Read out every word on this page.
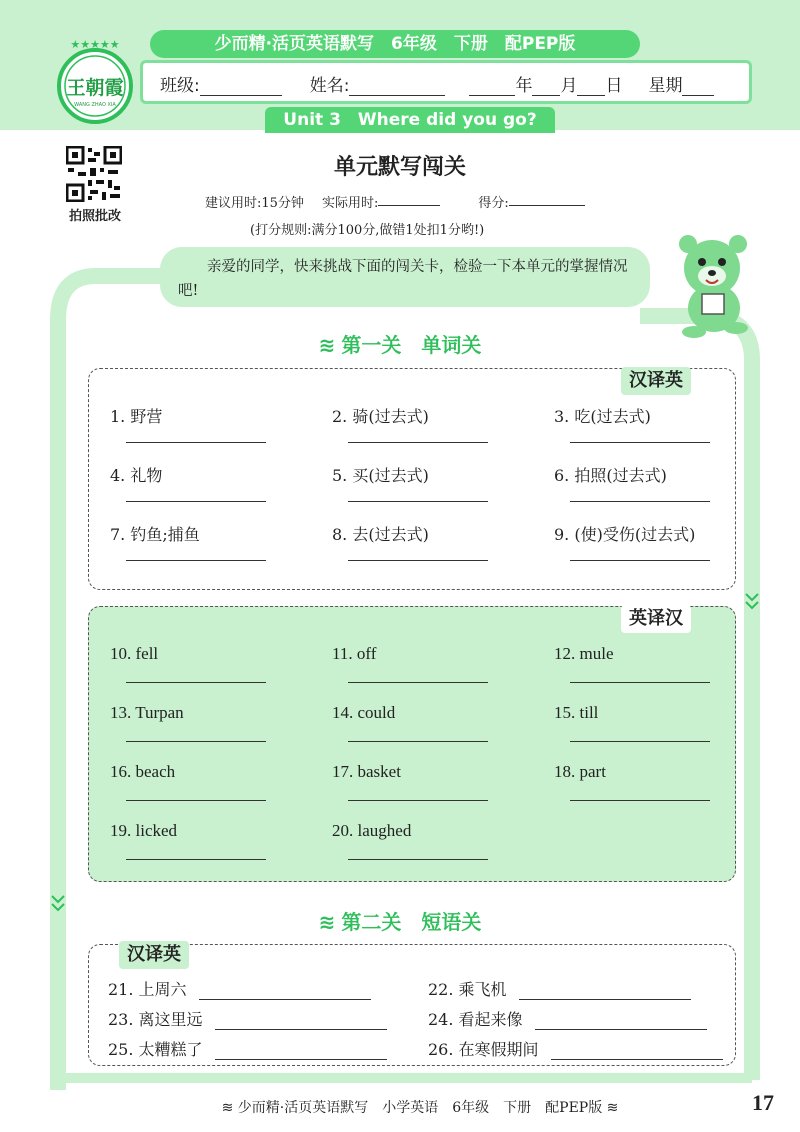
少而精·活页英语默写　6年级　下册　配PEP版
★★★★★
王朝霞
WANG ZHAO XIA
班级:	姓名:	年 月 日 星期
Unit 3　Where did you go?
拍照批改
单元默写闯关
建议用时:15分钟 实际用时:	得分:
(打分规则:满分100分,做错1处扣1分哟!)
亲爱的同学，快来挑战下面的闯关卡，检验一下本单元的掌握情况吧!
≋ 第一关　单词关
汉译英
1. 野营	2. 骑(过去式)	3. 吃(过去式)
4. 礼物	5. 买(过去式)	6. 拍照(过去式)
7. 钓鱼;捕鱼	8. 去(过去式)	9. (使)受伤(过去式)
英译汉
10. fell	11. off	12. mule
13. Turpan	14. could	15. till
16. beach	17. basket	18. part
19. licked	20. laughed
≋ 第二关　短语关
汉译英
21. 上周六	22. 乘飞机
23. 离这里远	24. 看起来像
25. 太糟糕了	26. 在寒假期间
≋ 少而精·活页英语默写　小学英语　6年级　下册　配PEP版 ≋	17
